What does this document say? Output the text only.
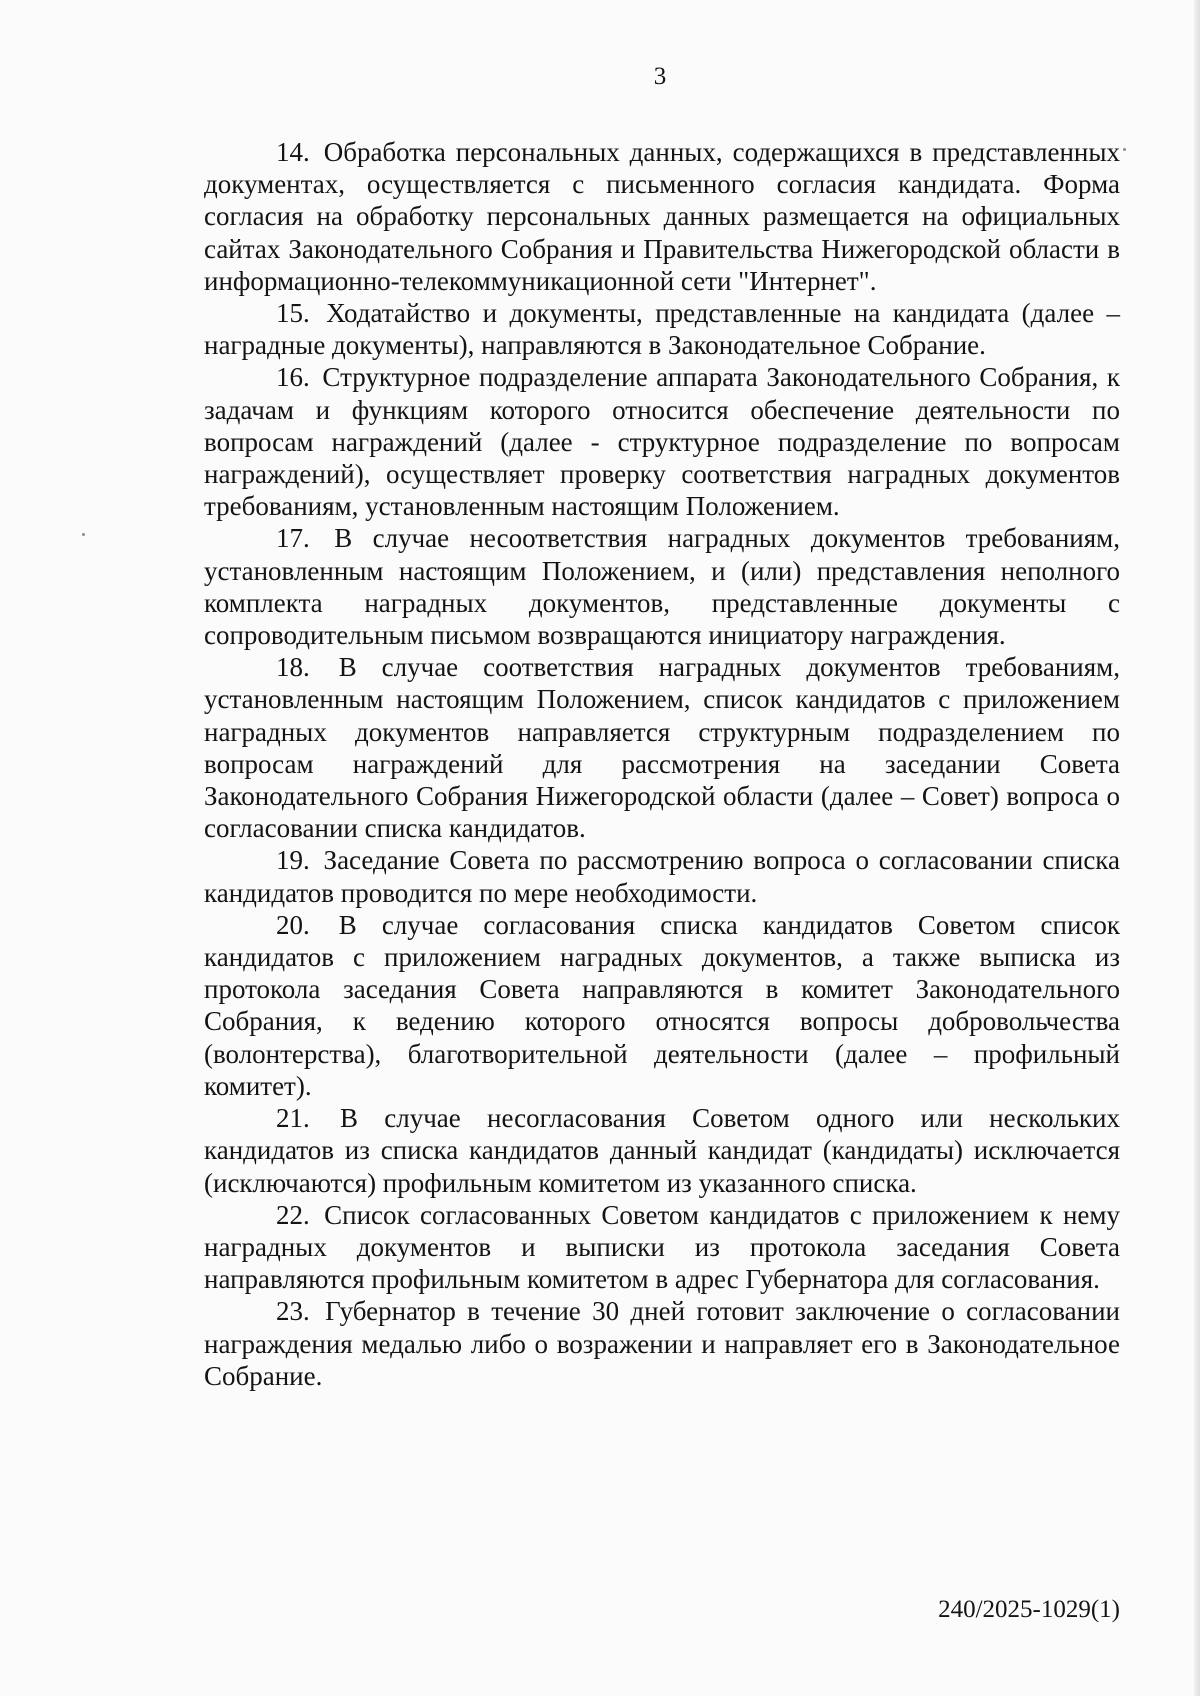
3

14. Обработка персональных данных, содержащихся в представленных документах, осуществляется с письменного согласия кандидата. Форма согласия на обработку персональных данных размещается на официальных сайтах Законодательного Собрания и Правительства Нижегородской области в информационно-телекоммуникационной сети "Интернет".

15. Ходатайство и документы, представленные на кандидата (далее – наградные документы), направляются в Законодательное Собрание.

16. Структурное подразделение аппарата Законодательного Собрания, к задачам и функциям которого относится обеспечение деятельности по вопросам награждений (далее - структурное подразделение по вопросам награждений), осуществляет проверку соответствия наградных документов требованиям, установленным настоящим Положением.

17. В случае несоответствия наградных документов требованиям, установленным настоящим Положением, и (или) представления неполного комплекта наградных документов, представленные документы с сопроводительным письмом возвращаются инициатору награждения.

18. В случае соответствия наградных документов требованиям, установленным настоящим Положением, список кандидатов с приложением наградных документов направляется структурным подразделением по вопросам награждений для рассмотрения на заседании Совета Законодательного Собрания Нижегородской области (далее – Совет) вопроса о согласовании списка кандидатов.

19. Заседание Совета по рассмотрению вопроса о согласовании списка кандидатов проводится по мере необходимости.

20. В случае согласования списка кандидатов Советом список кандидатов с приложением наградных документов, а также выписка из протокола заседания Совета направляются в комитет Законодательного Собрания, к ведению которого относятся вопросы добровольчества (волонтерства), благотворительной деятельности (далее – профильный комитет).

21. В случае несогласования Советом одного или нескольких кандидатов из списка кандидатов данный кандидат (кандидаты) исключается (исключаются) профильным комитетом из указанного списка.

22. Список согласованных Советом кандидатов с приложением к нему наградных документов и выписки из протокола заседания Совета направляются профильным комитетом в адрес Губернатора для согласования.

23. Губернатор в течение 30 дней готовит заключение о согласовании награждения медалью либо о возражении и направляет его в Законодательное Собрание.

240/2025-1029(1)
